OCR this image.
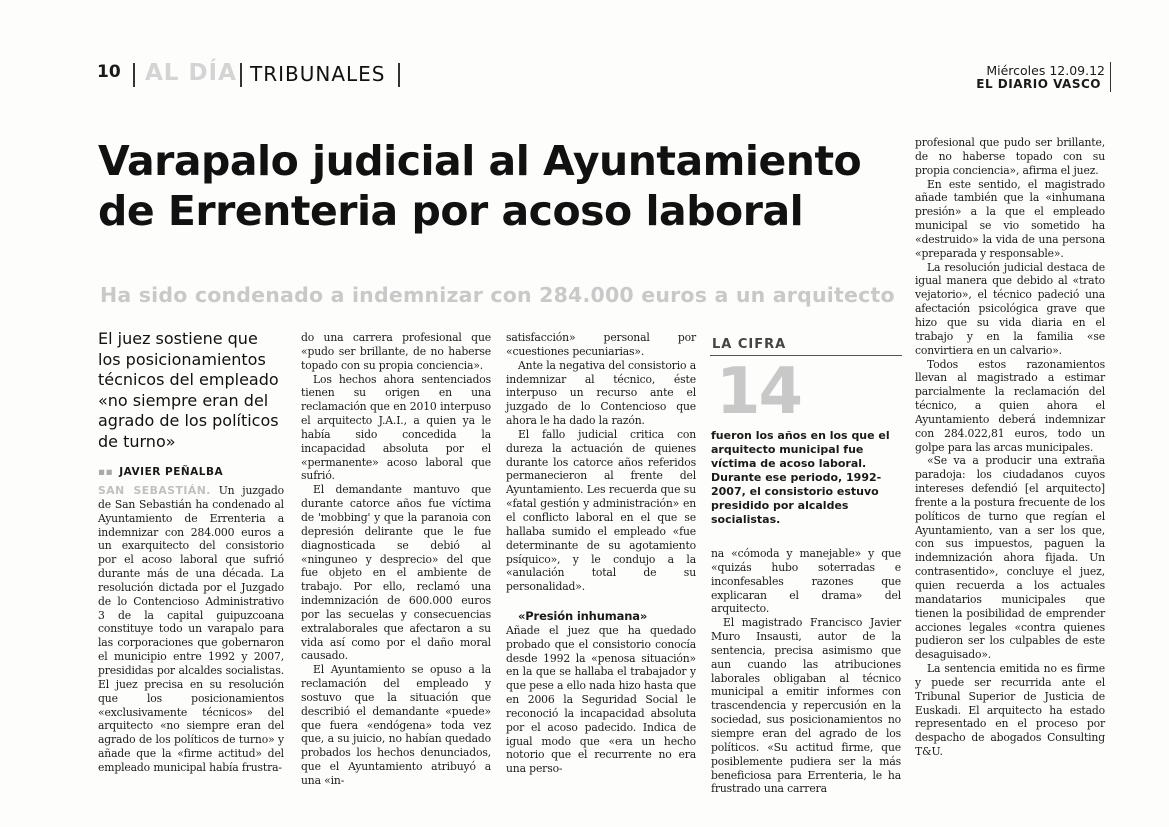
10 AL DÍA TRIBUNALES	Miércoles 12.09.12
EL DIARIO VASCO
Varapalo judicial al Ayuntamiento
de Errenteria por acoso laboral
Ha sido condenado a indemnizar con 284.000 euros a un arquitecto
El juez sostiene que los posicionamientos técnicos del empleado «no siempre eran del agrado de los políticos de turno»
▪▪ JAVIER PEÑALBA

SAN SEBASTIÁN. Un juzgado de San Sebastián ha condenado al Ayuntamiento de Errenteria a indemnizar con 284.000 euros a un exarquitecto del consistorio por el acoso laboral que sufrió durante más de una década. La resolución dictada por el Juzgado de lo Contencioso Administrativo 3 de la capital guipuzcoana constituye todo un varapalo para las corporaciones que gobernaron el municipio entre 1992 y 2007, presididas por alcaldes socialistas. El juez precisa en su resolución que los posicionamientos «exclusivamente técnicos» del arquitecto «no siempre eran del agrado de los políticos de turno» y añade que la «firme actitud» del empleado municipal había frustra-

do una carrera profesional que «pudo ser brillante, de no haberse topado con su propia conciencia».

Los hechos ahora sentenciados tienen su origen en una reclamación que en 2010 interpuso el arquitecto J.A.I., a quien ya le había sido concedida la incapacidad absoluta por el «permanente» acoso laboral que sufrió.

El demandante mantuvo que durante catorce años fue víctima de 'mobbing' y que la paranoia con depresión delirante que le fue diagnosticada se debió al «ninguneo y desprecio» del que fue objeto en el ambiente de trabajo. Por ello, reclamó una indemnización de 600.000 euros por las secuelas y consecuencias extralaborales que afectaron a su vida así como por el daño moral causado.

El Ayuntamiento se opuso a la reclamación del empleado y sostuvo que la situación que describió el demandante «puede» que fuera «endógena» toda vez que, a su juicio, no habían quedado probados los hechos denunciados, que el Ayuntamiento atribuyó a una «in-

satisfacción» personal por «cuestiones pecuniarias».

Ante la negativa del consistorio a indemnizar al técnico, éste interpuso un recurso ante el juzgado de lo Contencioso que ahora le ha dado la razón.

El fallo judicial critica con dureza la actuación de quienes durante los catorce años referidos permanecieron al frente del Ayuntamiento. Les recuerda que su «fatal gestión y administración» en el conflicto laboral en el que se hallaba sumido el empleado «fue determinante de su agotamiento psíquico», y le condujo a la «anulación total de su personalidad».

«Presión inhumana»

Añade el juez que ha quedado probado que el consistorio conocía desde 1992 la «penosa situación» en la que se hallaba el trabajador y que pese a ello nada hizo hasta que en 2006 la Seguridad Social le reconoció la incapacidad absoluta por el acoso padecido. Indica de igual modo que «era un hecho notorio que el recurrente no era una perso-

LA CIFRA
14
fueron los años en los que el arquitecto municipal fue víctima de acoso laboral. Durante ese periodo, 1992-2007, el consistorio estuvo presidido por alcaldes socialistas.

na «cómoda y manejable» y que «quizás hubo soterradas e inconfesables razones que explicaran el drama» del arquitecto.

El magistrado Francisco Javier Muro Insausti, autor de la sentencia, precisa asimismo que aun cuando las atribuciones laborales obligaban al técnico municipal a emitir informes con trascendencia y repercusión en la sociedad, sus posicionamientos no siempre eran del agrado de los políticos. «Su actitud firme, que posiblemente pudiera ser la más beneficiosa para Errenteria, le ha frustrado una carrera

profesional que pudo ser brillante, de no haberse topado con su propia conciencia», afirma el juez.

En este sentido, el magistrado añade también que la «inhumana presión» a la que el empleado municipal se vio sometido ha «destruido» la vida de una persona «preparada y responsable».

La resolución judicial destaca de igual manera que debido al «trato vejatorio», el técnico padeció una afectación psicológica grave que hizo que su vida diaria en el trabajo y en la familia «se convirtiera en un calvario».

Todos estos razonamientos llevan al magistrado a estimar parcialmente la reclamación del técnico, a quien ahora el Ayuntamiento deberá indemnizar con 284.022,81 euros, todo un golpe para las arcas municipales.

«Se va a producir una extraña paradoja: los ciudadanos cuyos intereses defendió [el arquitecto] frente a la postura frecuente de los políticos de turno que regían el Ayuntamiento, van a ser los que, con sus impuestos, paguen la indemnización ahora fijada. Un contrasentido», concluye el juez, quien recuerda a los actuales mandatarios municipales que tienen la posibilidad de emprender acciones legales «contra quienes pudieron ser los culpables de este desaguisado».

La sentencia emitida no es firme y puede ser recurrida ante el Tribunal Superior de Justicia de Euskadi. El arquitecto ha estado representado en el proceso por despacho de abogados Consulting T&U.
